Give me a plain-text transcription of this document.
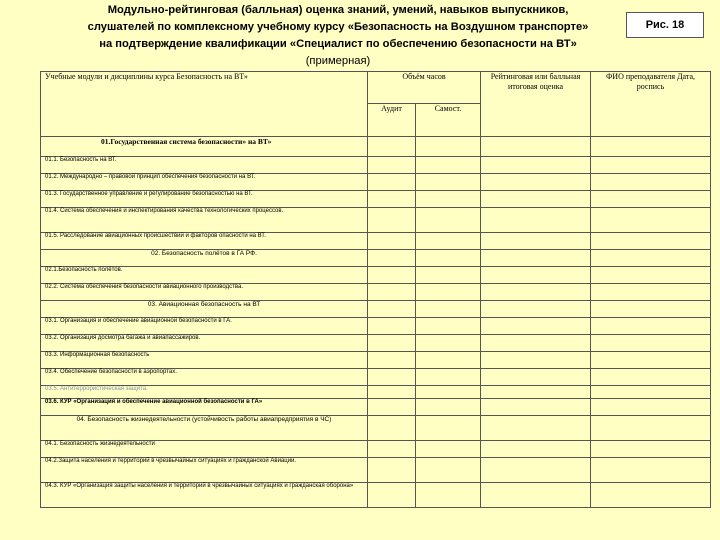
Модульно-рейтинговая (балльная) оценка знаний, умений, навыков выпускников,
слушателей по комплексному учебному курсу «Безопасность на Воздушном транспорте»
на подтверждение квалификации «Специалист по обеспечению безопасности на ВТ»
(примерная)
Рис. 18
Учебные модули и дисциплины курса Безопасность на ВТ»	Объём часов		Рейтинговая или балльная итоговая оценка	ФИО преподавателя Дата, роспись
	Аудит	Самост.		
01.Государственная система безопасности» на ВТ»				
01.1. Безопасность на ВТ.				
01.2. Международно – правовой принцип обеспечения безопасности на ВТ.				
01.3. Государственное управление и регулирование безопасностью на ВТ.				
01.4. Система обеспечения и инспектирования качества технологических процессов.				
01.5. Расследование авиационных происшествий и факторов опасности на ВТ.				
02. Безопасность полётов в ГА РФ.				
02.1.Безопасность полётов.				
02.2. Система обеспечения безопасности авиационного производства.				
03. Авиационная безопасность на ВТ				
03.1. Организация и обеспечение авиационной безопасности в ГА.				
03.2. Организация досмотра багажа и авиапассажиров.				
03.3. Информационная безопасность				
03.4. Обеспечение безопасности в аэропортах.				
03.5. Антитеррористическая защита.				
03.6. КУР «Организация и обеспечение авиационной безопасности в ГА»				
04. Безопасность жизнедеятельности (устойчивость работы авиапредприятия в ЧС)				
04.1. Безопасность жизнедеятельности				
04.2.Защита населения и территорий в чрезвычайных ситуациях и гражданской Авиации.				
04.3. КУР «Организация защиты населения и территорий в чрезвычайных ситуациях и гражданская оборона»				
